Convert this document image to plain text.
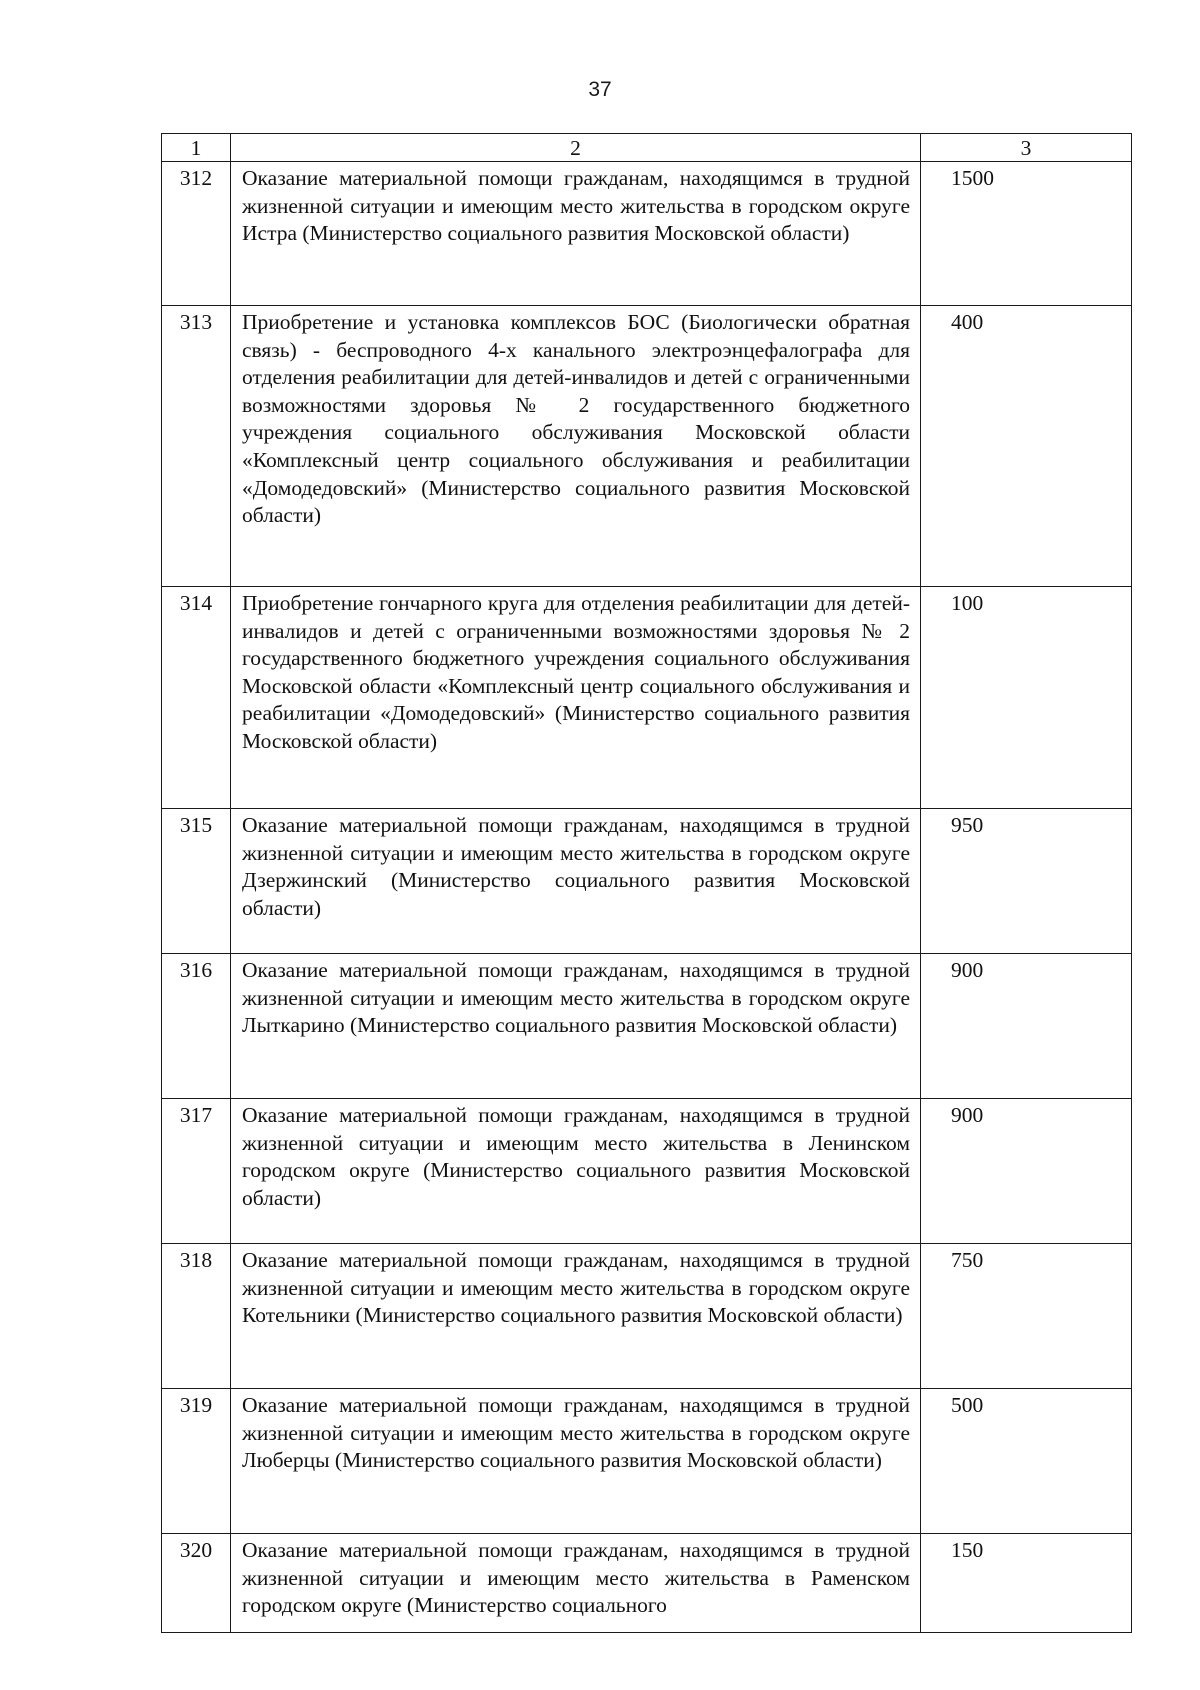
37
1	2	3
312	Оказание материальной помощи гражданам, находящимся в трудной жизненной ситуации и имеющим место жительства в городском округе Истра (Министерство социального развития Московской области)	1500
313	Приобретение и установка комплексов БОС (Биологически обратная связь) - беспроводного 4-х канального электроэнцефалографа для отделения реабилитации для детей-инвалидов и детей с ограниченными возможностями здоровья № 2 государственного бюджетного учреждения социального обслуживания Московской области «Комплексный центр социального обслуживания и реабилитации «Домодедовский» (Министерство социального развития Московской области)	400
314	Приобретение гончарного круга для отделения реабилитации для детей-инвалидов и детей с ограниченными возможностями здоровья № 2 государственного бюджетного учреждения социального обслуживания Московской области «Комплексный центр социального обслуживания и реабилитации «Домодедовский» (Министерство социального развития Московской области)	100
315	Оказание материальной помощи гражданам, находящимся в трудной жизненной ситуации и имеющим место жительства в городском округе Дзержинский (Министерство социального развития Московской области)	950
316	Оказание материальной помощи гражданам, находящимся в трудной жизненной ситуации и имеющим место жительства в городском округе Лыткарино (Министерство социального развития Московской области)	900
317	Оказание материальной помощи гражданам, находящимся в трудной жизненной ситуации и имеющим место жительства в Ленинском городском округе (Министерство социального развития Московской области)	900
318	Оказание материальной помощи гражданам, находящимся в трудной жизненной ситуации и имеющим место жительства в городском округе Котельники (Министерство социального развития Московской области)	750
319	Оказание материальной помощи гражданам, находящимся в трудной жизненной ситуации и имеющим место жительства в городском округе Люберцы (Министерство социального развития Московской области)	500
320	Оказание материальной помощи гражданам, находящимся в трудной жизненной ситуации и имеющим место жительства в Раменском городском округе (Министерство социального	150
